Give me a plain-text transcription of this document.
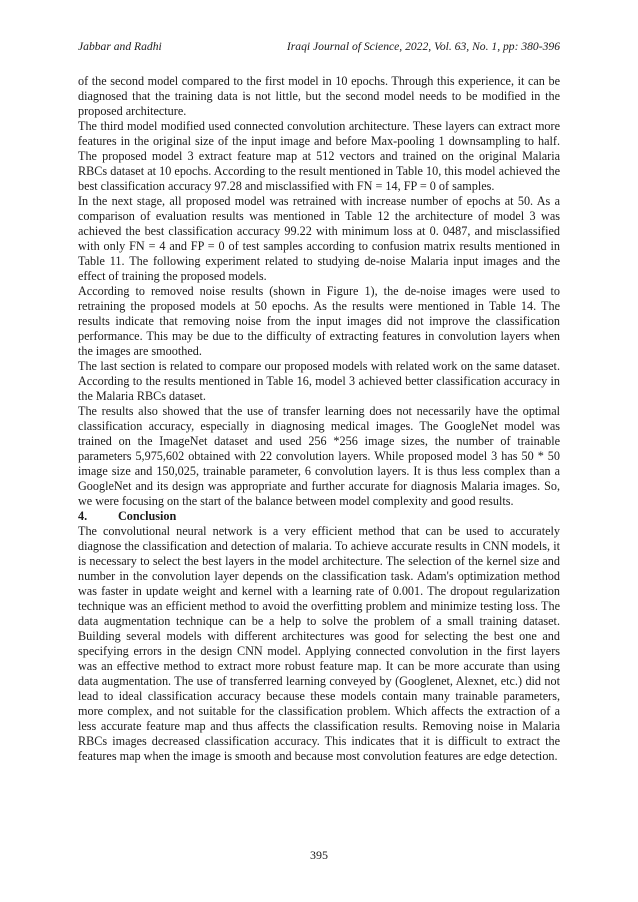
Jabbar and Radhi	Iraqi Journal of Science, 2022, Vol. 63, No. 1, pp: 380-396

of the second model compared to the first model in 10 epochs. Through this experience, it can be diagnosed that the training data is not little, but the second model needs to be modified in the proposed architecture.

The third model modified used connected convolution architecture. These layers can extract more features in the original size of the input image and before Max-pooling 1 downsampling to half. The proposed model 3 extract feature map at 512 vectors and trained on the original Malaria RBCs dataset at 10 epochs. According to the result mentioned in Table 10, this model achieved the best classification accuracy 97.28 and misclassified with FN = 14, FP = 0 of samples.

In the next stage, all proposed model was retrained with increase number of epochs at 50. As a comparison of evaluation results was mentioned in Table 12 the architecture of model 3 was achieved the best classification accuracy 99.22 with minimum loss at 0. 0487, and misclassified with only FN = 4 and FP = 0 of test samples according to confusion matrix results mentioned in Table 11. The following experiment related to studying de-noise Malaria input images and the effect of training the proposed models.

According to removed noise results (shown in Figure 1), the de-noise images were used to retraining the proposed models at 50 epochs. As the results were mentioned in Table 14. The results indicate that removing noise from the input images did not improve the classification performance. This may be due to the difficulty of extracting features in convolution layers when the images are smoothed.

The last section is related to compare our proposed models with related work on the same dataset. According to the results mentioned in Table 16, model 3 achieved better classification accuracy in the Malaria RBCs dataset.

The results also showed that the use of transfer learning does not necessarily have the optimal classification accuracy, especially in diagnosing medical images. The GoogleNet model was trained on the ImageNet dataset and used 256 *256 image sizes, the number of trainable parameters 5,975,602 obtained with 22 convolution layers. While proposed model 3 has 50 * 50 image size and 150,025, trainable parameter, 6 convolution layers. It is thus less complex than a GoogleNet and its design was appropriate and further accurate for diagnosis Malaria images. So, we were focusing on the start of the balance between model complexity and good results.

4.	Conclusion

The convolutional neural network is a very efficient method that can be used to accurately diagnose the classification and detection of malaria. To achieve accurate results in CNN models, it is necessary to select the best layers in the model architecture. The selection of the kernel size and number in the convolution layer depends on the classification task. Adam's optimization method was faster in update weight and kernel with a learning rate of 0.001. The dropout regularization technique was an efficient method to avoid the overfitting problem and minimize testing loss. The data augmentation technique can be a help to solve the problem of a small training dataset. Building several models with different architectures was good for selecting the best one and specifying errors in the design CNN model. Applying connected convolution in the first layers was an effective method to extract more robust feature map. It can be more accurate than using data augmentation. The use of transferred learning conveyed by (Googlenet, Alexnet, etc.) did not lead to ideal classification accuracy because these models contain many trainable parameters, more complex, and not suitable for the classification problem. Which affects the extraction of a less accurate feature map and thus affects the classification results. Removing noise in Malaria RBCs images decreased classification accuracy. This indicates that it is difficult to extract the features map when the image is smooth and because most convolution features are edge detection.

395
